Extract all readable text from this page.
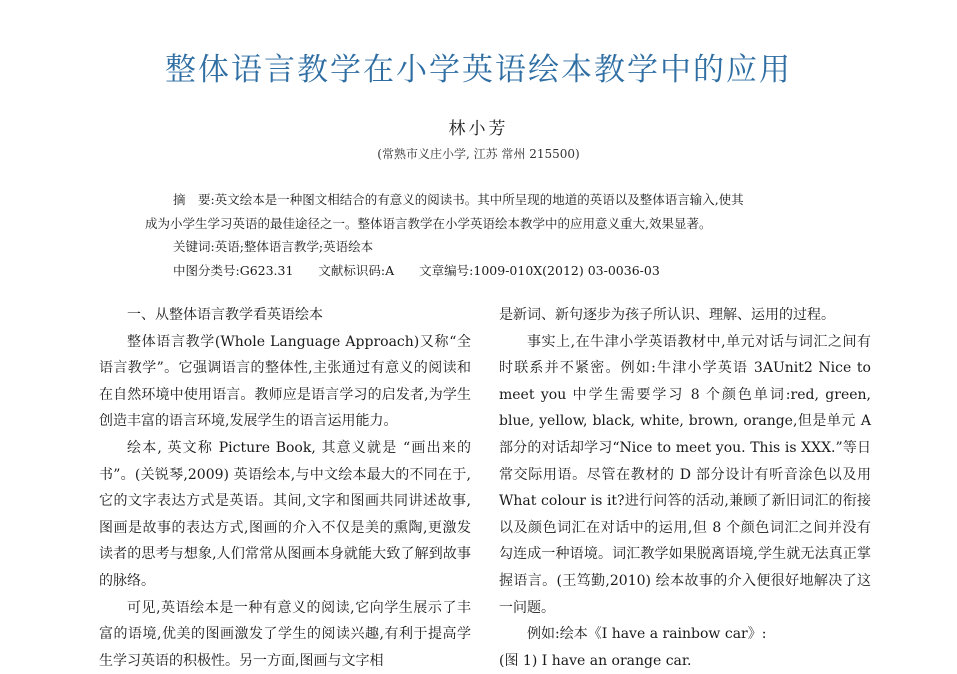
整体语言教学在小学英语绘本教学中的应用
林小芳
(常熟市义庄小学, 江苏 常州 215500)
摘　要:英文绘本是一种图文相结合的有意义的阅读书。其中所呈现的地道的英语以及整体语言输入,使其
成为小学生学习英语的最佳途径之一。整体语言教学在小学英语绘本教学中的应用意义重大,效果显著。
关键词:英语;整体语言教学;英语绘本
中图分类号:G623.31　　文献标识码:A　　文章编号:1009-010X(2012) 03-0036-03

一、从整体语言教学看英语绘本

整体语言教学(Whole Language Approach)又称“全语言教学”。它强调语言的整体性,主张通过有意义的阅读和在自然环境中使用语言。教师应是语言学习的启发者,为学生创造丰富的语言环境,发展学生的语言运用能力。

绘本, 英文称 Picture Book, 其意义就是 “画出来的书”。(关锐琴,2009) 英语绘本,与中文绘本最大的不同在于,它的文字表达方式是英语。其间,文字和图画共同讲述故事,图画是故事的表达方式,图画的介入不仅是美的熏陶,更激发读者的思考与想象,人们常常从图画本身就能大致了解到故事的脉络。

可见,英语绘本是一种有意义的阅读,它向学生展示了丰富的语境,优美的图画激发了学生的阅读兴趣,有利于提高学生学习英语的积极性。另一方面,图画与文字相

是新词、新句逐步为孩子所认识、理解、运用的过程。

事实上,在牛津小学英语教材中,单元对话与词汇之间有时联系并不紧密。例如:牛津小学英语 3AUnit2 Nice to meet you 中学生需要学习 8 个颜色单词:red, green, blue, yellow, black, white, brown, orange,但是单元 A 部分的对话却学习“Nice to meet you. This is XXX.”等日常交际用语。尽管在教材的 D 部分设计有听音涂色以及用 What colour is it?进行问答的活动,兼顾了新旧词汇的衔接以及颜色词汇在对话中的运用,但 8 个颜色词汇之间并没有勾连成一种语境。词汇教学如果脱离语境,学生就无法真正掌握语言。(王笃勤,2010) 绘本故事的介入便很好地解决了这一问题。

例如:绘本《I have a rainbow car》:

(图 1) I have an orange car.
